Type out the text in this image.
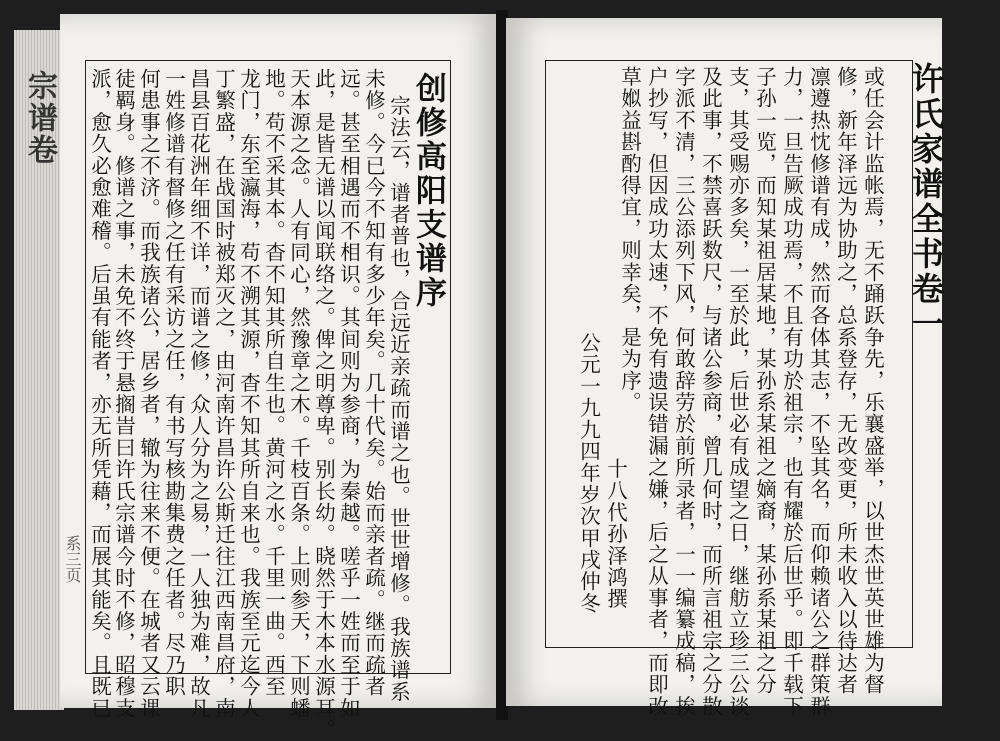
宗谱卷
系三页
创修高阳支谱序
宗法云，谱者普也，合远近亲疏而谱之也。世世增修。我族谱系
未修。今已今不知有多少年矣。几十代矣。始而亲者疏。继而疏者
远。甚至相遇而不相识。其间则为参商，为秦越。嗟乎一姓而至于如
此，是皆无谱以闻联络之。俾之明尊卑。别长幼。晓然于木本水源耳。
天本源之念。人有同心，然豫章之木。千枝百条。上则参天，下则蟠
地。苟不采其本。杳不知其所自生也。黄河之水。千里一曲。西至
龙门，东至瀛海，苟不溯其源，杳不知其所自来也。我族至元迄今人
丁繁盛，在战国时被郑灭之，由河南许昌许公斯迁往江西南昌府，南
昌县百花洲年细不详，而谱之修，众人分为之易，一人独为难，故凡
一姓修谱有督修之任有采访之任，有书写核勘集费之任者。尽乃职
何患事之不济。而我族诸公，居乡者，辙为往来不便。在城者又云课
徒羁身。修谱之事，未免不终于悬搁旹曰许氏宗谱今时不修，昭穆支
派，愈久必愈难稽。后虽有能者，亦无所凭藉，而展其能矣。且既已	许氏家谱全书卷一
或任会计监帐焉，无不踊跃争先，乐襄盛举，以世杰世英世雄为督
修，新年泽远为协助之，总系登存，无改变更，所未收入以待达者
凛遵热忱修谱有成，然而各体其志，不坠其名，而仰赖诸公之群策群
力，一旦告厥成功焉，不且有功於祖宗，也有耀於后世乎。即千载下
子孙一览，而知某祖居某地，某孙系某祖之嫡裔，某孙系某祖之分
支，其受赐亦多矣，一至於此，后世必有成望之日，继舫立珍三公谈
及此事，不禁喜跃数尺，与诸公参商，曾几何时，而所言祖宗之分散
字派不清，三公添列下风，何敢辞劳於前所录者，一一编纂成稿，挨
户抄写，但因成功太速，不免有遗误错漏之嫌，后之从事者，而即改
草娰益斟酌得宜，则幸矣，是为序。
十八代孙泽鸿撰
公元一九九四年岁次甲戌仲冬
